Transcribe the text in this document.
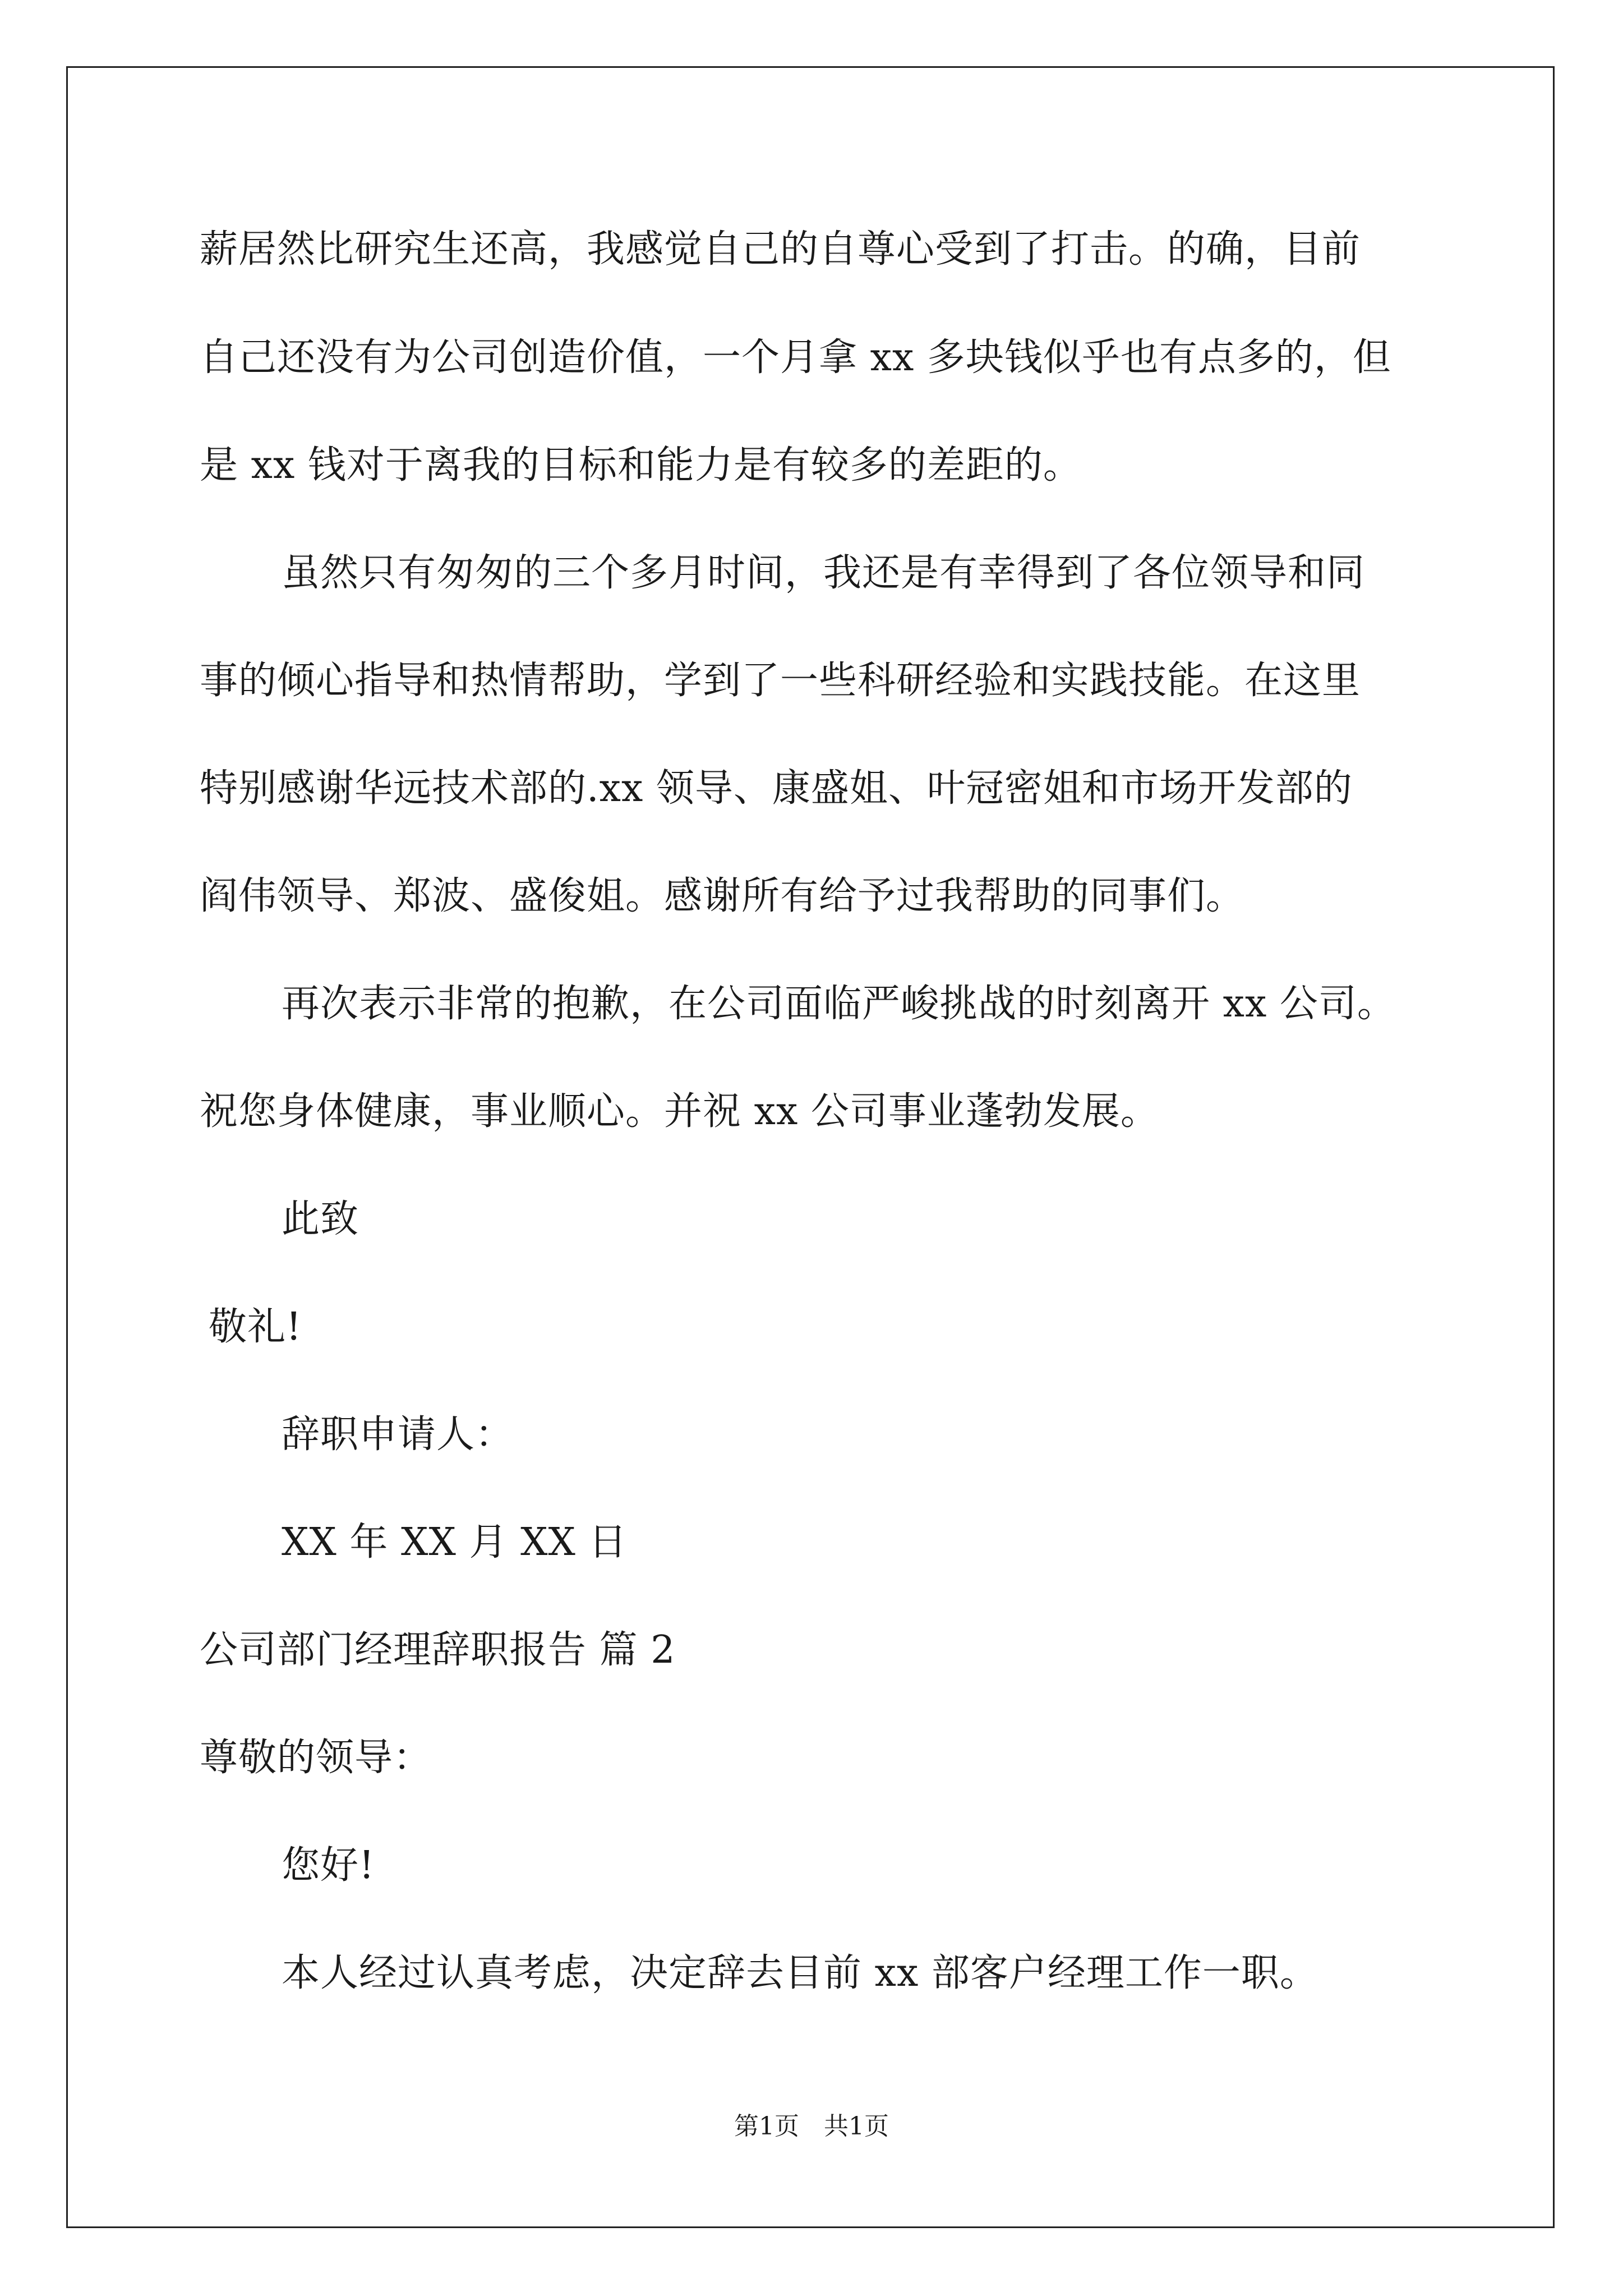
薪居然比研究生还高，我感觉自己的自尊心受到了打击。的确，目前
自己还没有为公司创造价值，一个月拿 xx 多块钱似乎也有点多的，但
是 xx 钱对于离我的目标和能力是有较多的差距的。
虽然只有匆匆的三个多月时间，我还是有幸得到了各位领导和同
事的倾心指导和热情帮助，学到了一些科研经验和实践技能。在这里
特别感谢华远技术部的.xx 领导、康盛姐、叶冠密姐和市场开发部的
阎伟领导、郑波、盛俊姐。感谢所有给予过我帮助的同事们。
再次表示非常的抱歉，在公司面临严峻挑战的时刻离开 xx 公司。
祝您身体健康，事业顺心。并祝 xx 公司事业蓬勃发展。
此致
敬礼!
辞职申请人：
XX 年 XX 月 XX 日
公司部门经理辞职报告 篇 2
尊敬的领导：
您好!
本人经过认真考虑，决定辞去目前 xx 部客户经理工作一职。
第1页　共1页
